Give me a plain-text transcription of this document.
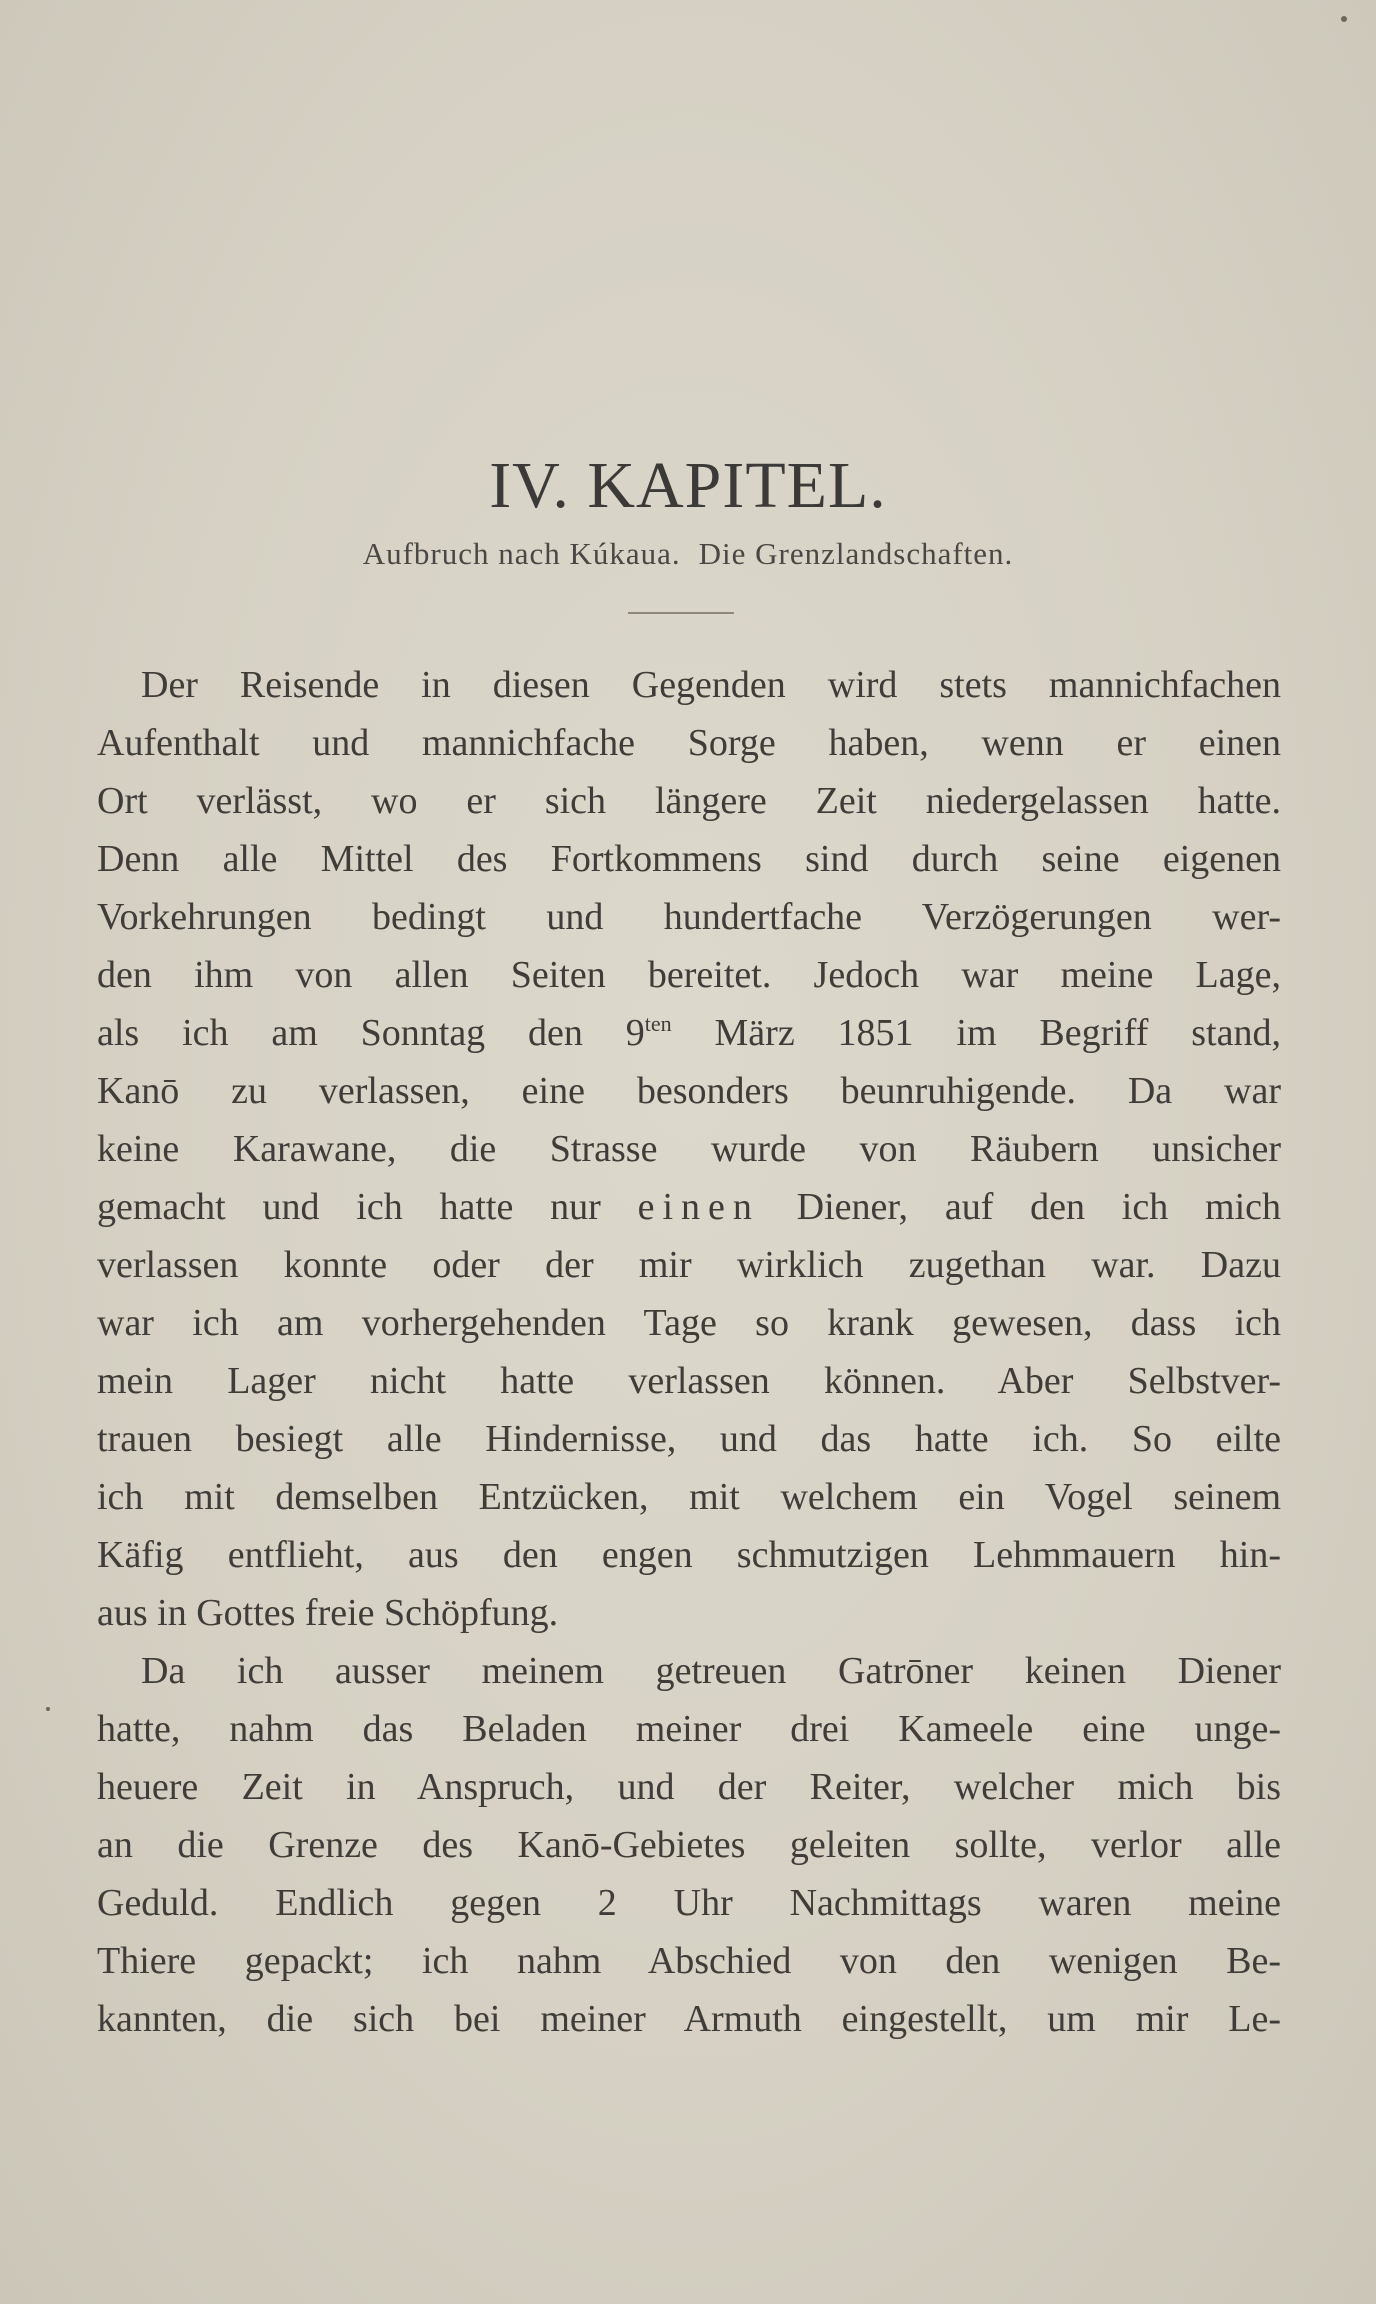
IV. KAPITEL.
Aufbruch nach Kúkaua. Die Grenzlandschaften.
Der Reisende in diesen Gegenden wird stets mannichfachen
Aufenthalt und mannichfache Sorge haben, wenn er einen
Ort verlässt, wo er sich längere Zeit niedergelassen hatte.
Denn alle Mittel des Fortkommens sind durch seine eigenen
Vorkehrungen bedingt und hundertfache Verzögerungen wer-
den ihm von allen Seiten bereitet. Jedoch war meine Lage,
als ich am Sonntag den $9^{ten}$ März 1851 im Begriff stand,
Kanō zu verlassen, eine besonders beunruhigende. Da war
keine Karawane, die Strasse wurde von Räubern unsicher
gemacht und ich hatte nur einen Diener, auf den ich mich
verlassen konnte oder der mir wirklich zugethan war. Dazu
war ich am vorhergehenden Tage so krank gewesen, dass ich
mein Lager nicht hatte verlassen können. Aber Selbstver-
trauen besiegt alle Hindernisse, und das hatte ich. So eilte
ich mit demselben Entzücken, mit welchem ein Vogel seinem
Käfig entflieht, aus den engen schmutzigen Lehmmauern hin-
aus in Gottes freie Schöpfung.
Da ich ausser meinem getreuen Gatrōner keinen Diener
hatte, nahm das Beladen meiner drei Kameele eine unge-
heuere Zeit in Anspruch, und der Reiter, welcher mich bis
an die Grenze des Kanō-Gebietes geleiten sollte, verlor alle
Geduld. Endlich gegen 2 Uhr Nachmittags waren meine
Thiere gepackt; ich nahm Abschied von den wenigen Be-
kannten, die sich bei meiner Armuth eingestellt, um mir Le-
